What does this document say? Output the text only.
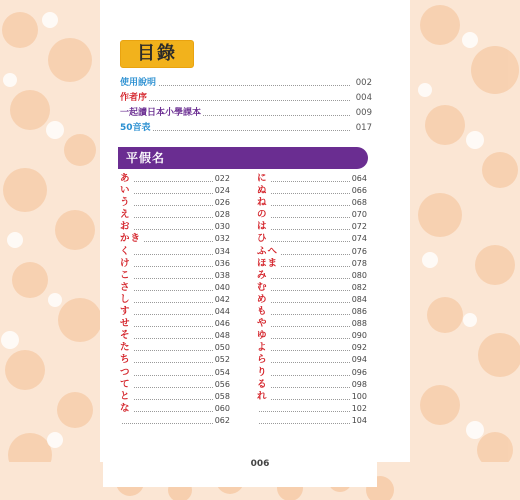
目錄
使用說明	002
作者序	004
一起讀日本小學課本	009
50音表	017
平假名
あ	022
い	024
う	026
え	028
お	030
かき	032
く	034
け	036
こ	038
さ	040
し	042
す	044
せ	046
そ	048
た	050
ち	052
つ	054
て	056
と	058
な	060
062
に	064
ぬ	066
ね	068
の	070
は	072
ひ	074
ふへ	076
ほま	078
み	080
む	082
め	084
も	086
や	088
ゆ	090
よ	092
ら	094
り	096
る	098
れ	100
102
104
006
